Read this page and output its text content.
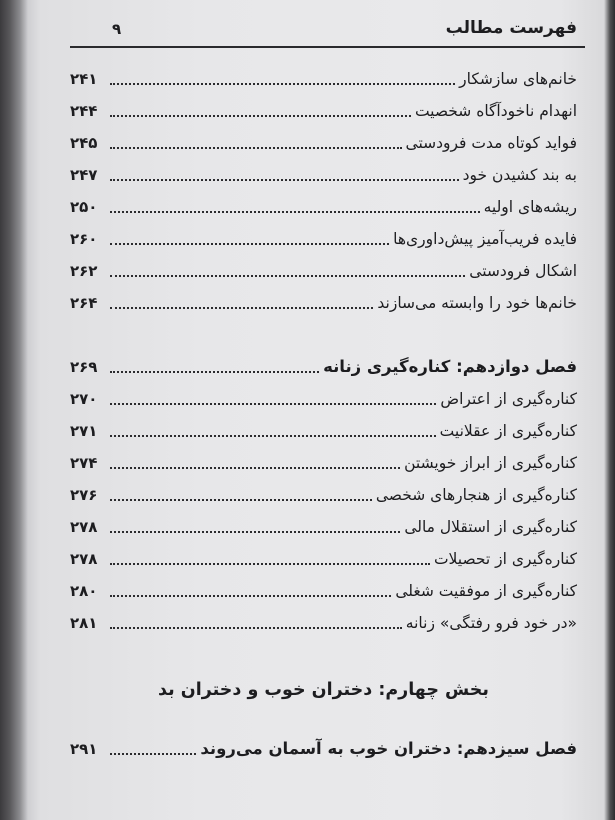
فهرست مطالب
۹
خانم‌های سازشکار
۲۴۱
انهدام ناخودآگاه شخصیت
۲۴۴
فواید کوتاه مدت فرودستی
۲۴۵
به بند کشیدن خود
۲۴۷
ریشه‌های اولیه
۲۵۰
فایده فریب‌آمیز پیش‌داوری‌ها
۲۶۰
اشکال فرودستی
۲۶۲
خانم‌ها خود را وابسته می‌سازند
۲۶۴
فصل دوازدهم: کناره‌گیری زنانه
۲۶۹
کناره‌گیری از اعتراض
۲۷۰
کناره‌گیری از عقلانیت
۲۷۱
کناره‌گیری از ابراز خویشتن
۲۷۴
کناره‌گیری از هنجارهای شخصی
۲۷۶
کناره‌گیری از استقلال مالی
۲۷۸
کناره‌گیری از تحصیلات
۲۷۸
کناره‌گیری از موفقیت شغلی
۲۸۰
«در خود فرو رفتگی» زنانه
۲۸۱
بخش چهارم: دختران خوب و دختران بد
فصل سیزدهم: دختران خوب به آسمان می‌روند
۲۹۱
